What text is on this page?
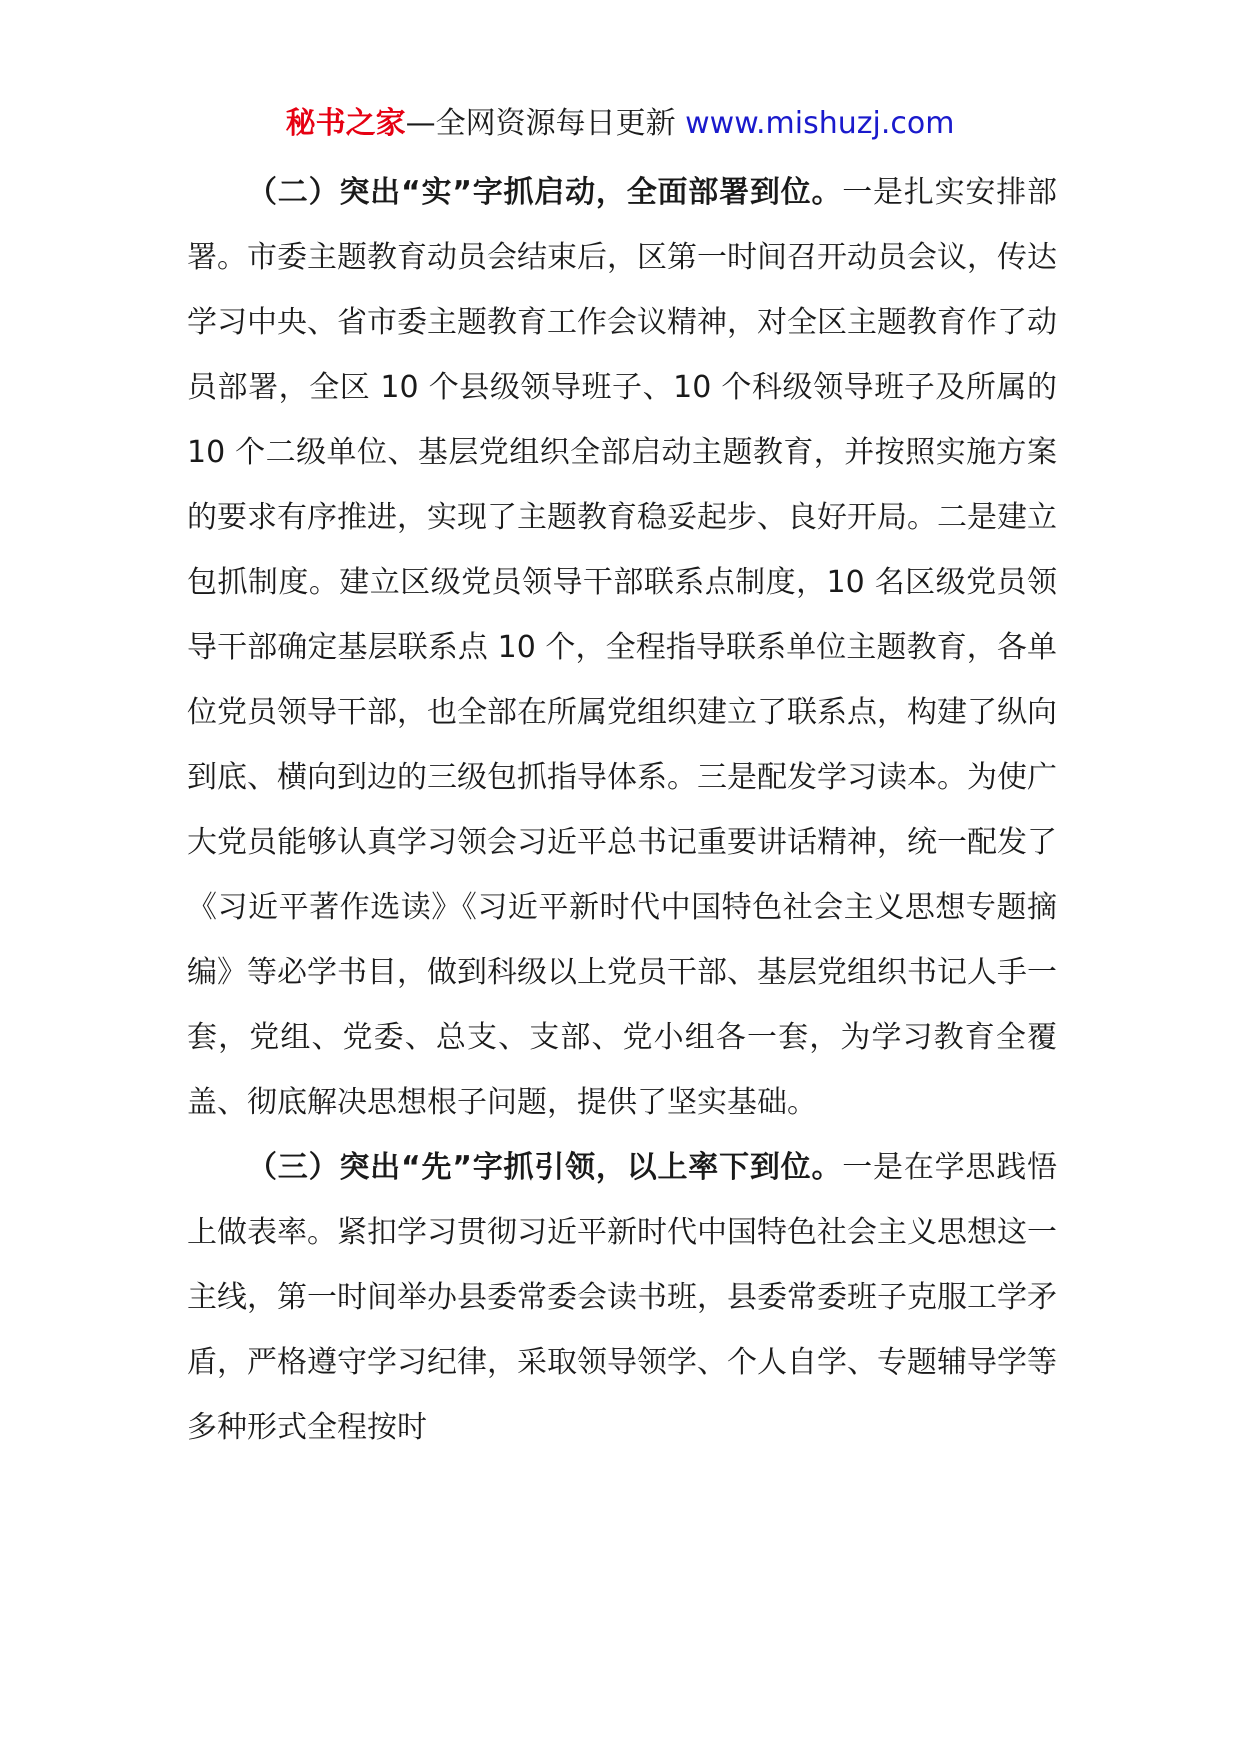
秘书之家—全网资源每日更新 www.mishuzj.com

（二）突出“实”字抓启动，全面部署到位。一是扎实安排部署。市委主题教育动员会结束后，区第一时间召开动员会议，传达学习中央、省市委主题教育工作会议精神，对全区主题教育作了动员部署，全区 10 个县级领导班子、10 个科级领导班子及所属的 10 个二级单位、基层党组织全部启动主题教育，并按照实施方案的要求有序推进，实现了主题教育稳妥起步、良好开局。二是建立包抓制度。建立区级党员领导干部联系点制度，10 名区级党员领导干部确定基层联系点 10 个，全程指导联系单位主题教育，各单位党员领导干部，也全部在所属党组织建立了联系点，构建了纵向到底、横向到边的三级包抓指导体系。三是配发学习读本。为使广大党员能够认真学习领会习近平总书记重要讲话精神，统一配发了《习近平著作选读》《习近平新时代中国特色社会主义思想专题摘编》等必学书目，做到科级以上党员干部、基层党组织书记人手一套，党组、党委、总支、支部、党小组各一套，为学习教育全覆盖、彻底解决思想根子问题，提供了坚实基础。

（三）突出“先”字抓引领，以上率下到位。一是在学思践悟上做表率。紧扣学习贯彻习近平新时代中国特色社会主义思想这一主线，第一时间举办县委常委会读书班，县委常委班子克服工学矛盾，严格遵守学习纪律，采取领导领学、个人自学、专题辅导学等多种形式全程按时
